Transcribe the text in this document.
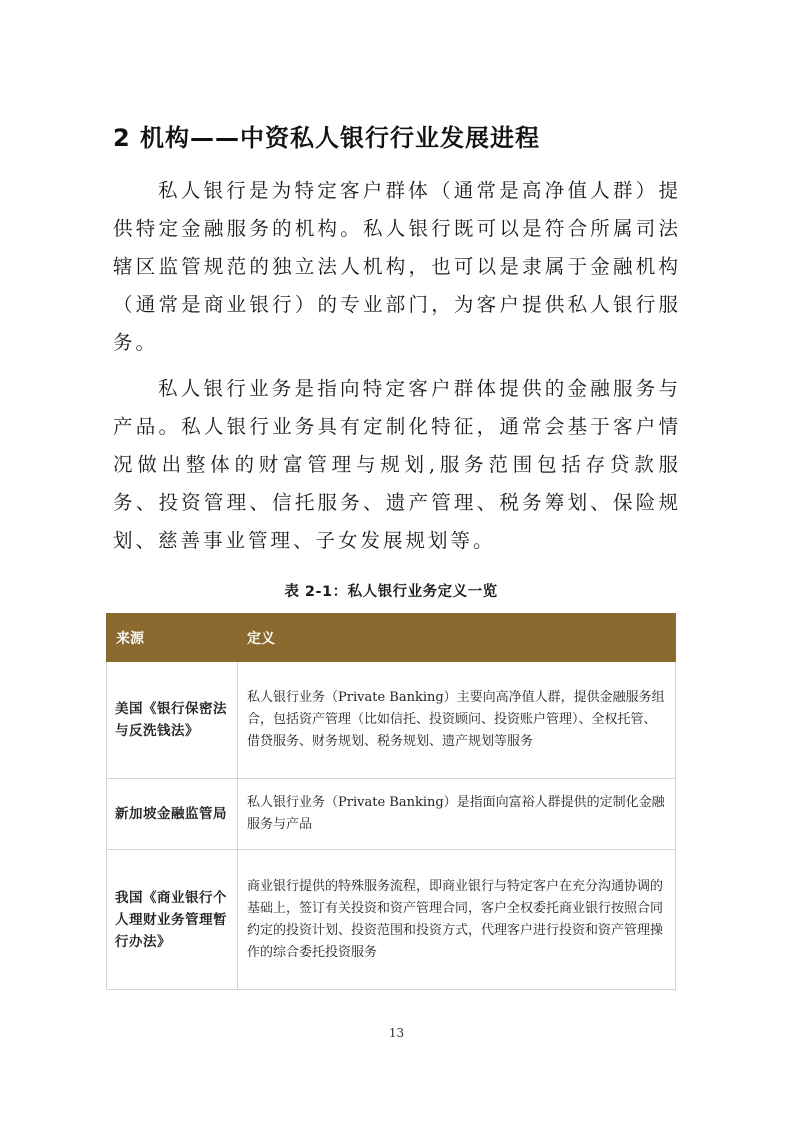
2 机构——中资私人银行行业发展进程

私人银行是为特定客户群体（通常是高净值人群）提供特定金融服务的机构。私人银行既可以是符合所属司法辖区监管规范的独立法人机构，也可以是隶属于金融机构（通常是商业银行）的专业部门，为客户提供私人银行服务。

私人银行业务是指向特定客户群体提供的金融服务与产品。私人银行业务具有定制化特征，通常会基于客户情况做出整体的财富管理与规划,服务范围包括存贷款服务、投资管理、信托服务、遗产管理、税务筹划、保险规划、慈善事业管理、子女发展规划等。

表 2-1：私人银行业务定义一览
来源	定义
美国《银行保密法与反洗钱法》	私人银行业务（Private Banking）主要向高净值人群，提供金融服务组合，包括资产管理（比如信托、投资顾问、投资账户管理）、全权托管、借贷服务、财务规划、税务规划、遗产规划等服务
新加坡金融监管局	私人银行业务（Private Banking）是指面向富裕人群提供的定制化金融服务与产品
我国《商业银行个人理财业务管理暂行办法》	商业银行提供的特殊服务流程，即商业银行与特定客户在充分沟通协调的基础上，签订有关投资和资产管理合同，客户全权委托商业银行按照合同约定的投资计划、投资范围和投资方式，代理客户进行投资和资产管理操作的综合委托投资服务
13
